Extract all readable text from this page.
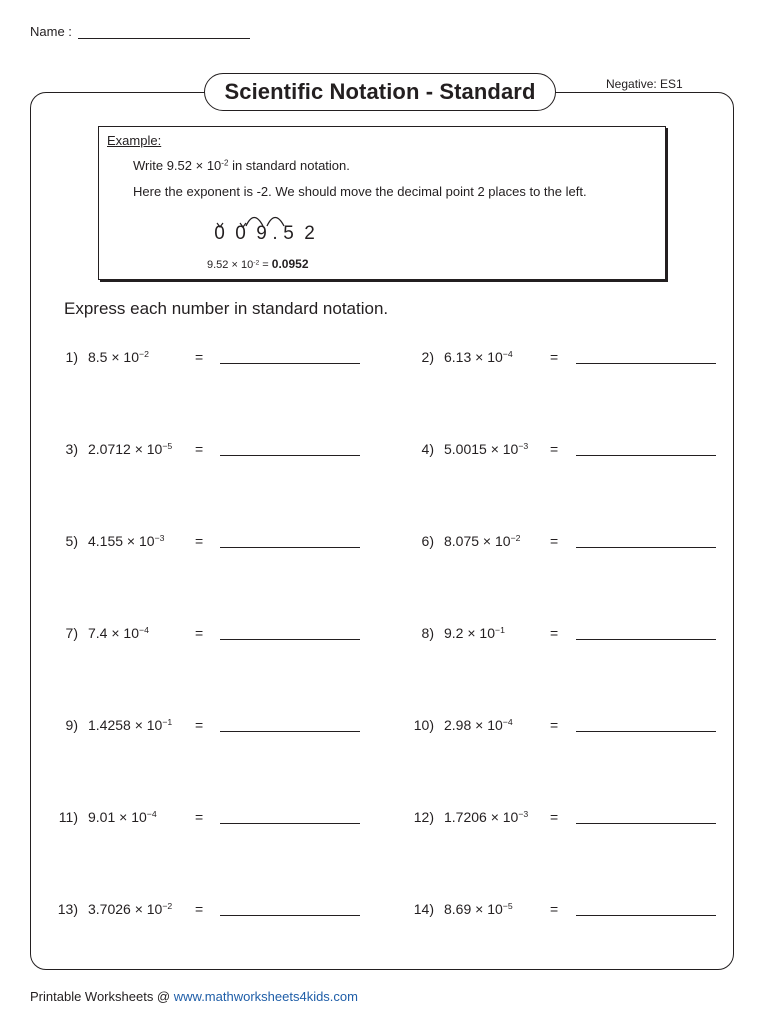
Name :
Scientific Notation - Standard	Negative: ES1
Example:
Write $9.52 \times 10^{-2}$ in standard notation.
Here the exponent is -2. We should move the decimal point 2 places to the left.
0 0 9 . 5 2
$9.52 \times 10^{-2} = 0.0952$
Express each number in standard notation.
1) $8.5 \times 10^{-2}$	=	2) $6.13 \times 10^{-4}$	=
3) $2.0712 \times 10^{-5}$ =	4) $5.0015 \times 10^{-3}$ =
5) $4.155 \times 10^{-3}$ =	6) $8.075 \times 10^{-2}$ =
7) $7.4 \times 10^{-4}$	=	8) $9.2 \times 10^{-1}$	=
9) $1.4258 \times 10^{-1}$ =	10) $2.98 \times 10^{-4}$	=
11) $9.01 \times 10^{-4}$	=	12) $1.7206 \times 10^{-3}$ =
13) $3.7026 \times 10^{-2}$ =	14) $8.69 \times 10^{-5}$	=
Printable Worksheets @ www.mathworksheets4kids.com
